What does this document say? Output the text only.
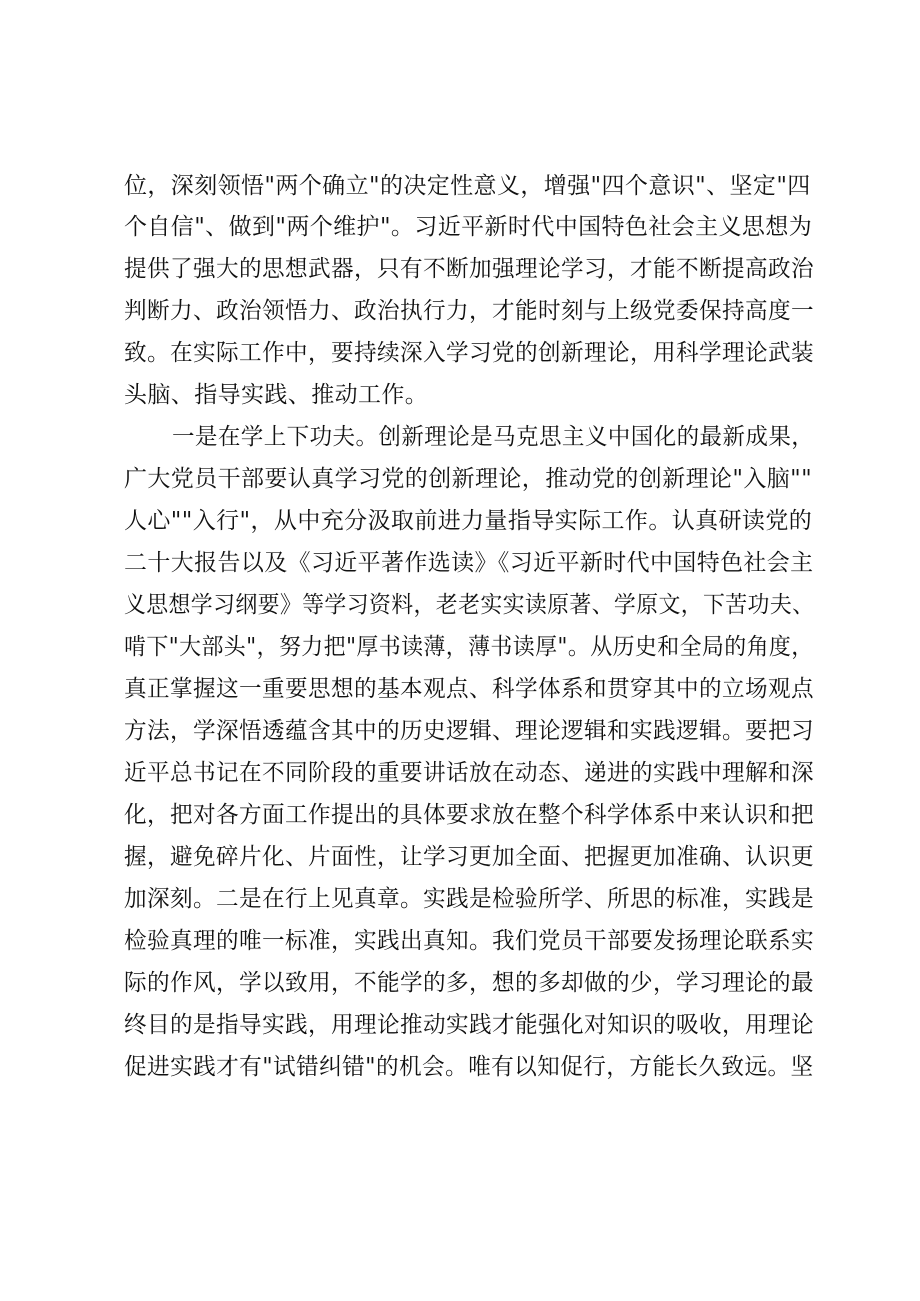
位，深刻领悟"两个确立"的决定性意义，增强"四个意识"、坚定"四
个自信"、做到"两个维护"。习近平新时代中国特色社会主义思想为
提供了强大的思想武器，只有不断加强理论学习，才能不断提高政治
判断力、政治领悟力、政治执行力，才能时刻与上级党委保持高度一
致。在实际工作中，要持续深入学习党的创新理论，用科学理论武装
头脑、指导实践、推动工作。
一是在学上下功夫。创新理论是马克思主义中国化的最新成果，
广大党员干部要认真学习党的创新理论，推动党的创新理论"入脑""
人心""入行"，从中充分汲取前进力量指导实际工作。认真研读党的
二十大报告以及《习近平著作选读》《习近平新时代中国特色社会主
义思想学习纲要》等学习资料，老老实实读原著、学原文，下苦功夫、
啃下"大部头"，努力把"厚书读薄，薄书读厚"。从历史和全局的角度，
真正掌握这一重要思想的基本观点、科学体系和贯穿其中的立场观点
方法，学深悟透蕴含其中的历史逻辑、理论逻辑和实践逻辑。要把习
近平总书记在不同阶段的重要讲话放在动态、递进的实践中理解和深
化，把对各方面工作提出的具体要求放在整个科学体系中来认识和把
握，避免碎片化、片面性，让学习更加全面、把握更加准确、认识更
加深刻。二是在行上见真章。实践是检验所学、所思的标准，实践是
检验真理的唯一标准，实践出真知。我们党员干部要发扬理论联系实
际的作风，学以致用，不能学的多，想的多却做的少，学习理论的最
终目的是指导实践，用理论推动实践才能强化对知识的吸收，用理论
促进实践才有"试错纠错"的机会。唯有以知促行，方能长久致远。坚
